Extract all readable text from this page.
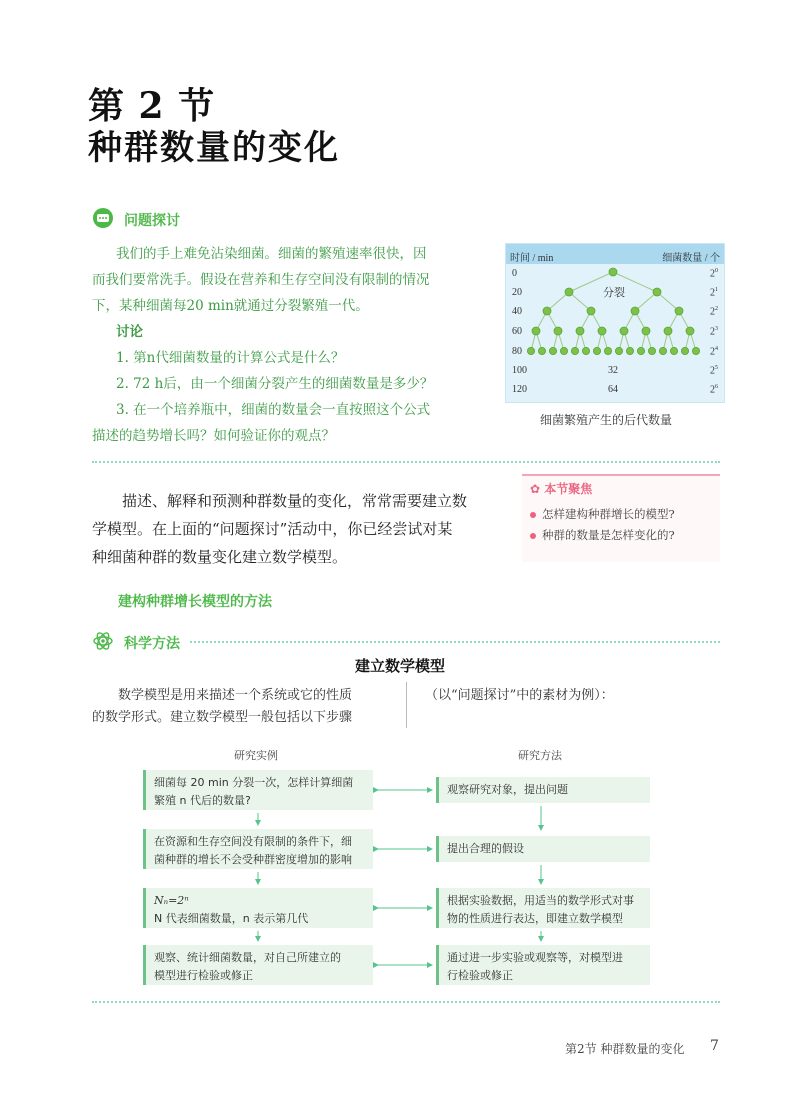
第 2 节
种群数量的变化
问题探讨
我们的手上难免沾染细菌。细菌的繁殖速率很快，因
而我们要常洗手。假设在营养和生存空间没有限制的情况
下，某种细菌每20 min就通过分裂繁殖一代。
讨论
1. 第n代细菌数量的计算公式是什么？
2. 72 h后，由一个细菌分裂产生的细菌数量是多少？
3. 在一个培养瓶中，细菌的数量会一直按照这个公式
描述的趋势增长吗？如何验证你的观点？
时间 / min	细菌数量 / 个
分裂
0
20
40
60
80
100
120
$2^0$
$2^1$
$2^2$
$2^3$
$2^4$
$2^5$
$2^6$
32
64
细菌繁殖产生的后代数量
描述、解释和预测种群数量的变化，常常需要建立数
学模型。在上面的“问题探讨”活动中，你已经尝试对某
种细菌种群的数量变化建立数学模型。
✿ 本节聚焦
怎样建构种群增长的模型?
种群的数量是怎样变化的?
建构种群增长模型的方法
科学方法
建立数学模型
数学模型是用来描述一个系统或它的性质
的数学形式。建立数学模型一般包括以下步骤
（以“问题探讨”中的素材为例）：
研究实例	研究方法
细菌每 20 min 分裂一次，怎样计算细菌
繁殖 n 代后的数量?
在资源和生存空间没有限制的条件下，细
菌种群的增长不会受种群密度增加的影响
Nₙ=2ⁿ
N 代表细菌数量，n 表示第几代
观察、统计细菌数量，对自己所建立的
模型进行检验或修正
观察研究对象，提出问题
提出合理的假设
根据实验数据，用适当的数学形式对事
物的性质进行表达，即建立数学模型
通过进一步实验或观察等，对模型进
行检验或修正
第2节 种群数量的变化 7
